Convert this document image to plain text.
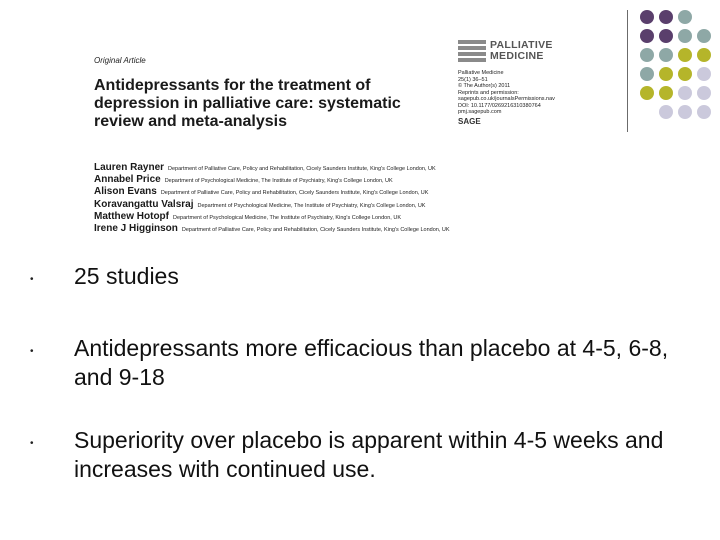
Original Article
Antidepressants for the treatment of depression in palliative care: systematic review and meta-analysis
PALLIATIVE
MEDICINE
Palliative Medicine
25(1) 36–51
© The Author(s) 2011
Reprints and permission:
sagepub.co.uk/journalsPermissions.nav
DOI: 10.1177/0269216310380764
pmj.sagepub.com
SAGE
Lauren Rayner Department of Palliative Care, Policy and Rehabilitation, Cicely Saunders Institute, King's College London, UK
Annabel Price Department of Psychological Medicine, The Institute of Psychiatry, King's College London, UK
Alison Evans Department of Palliative Care, Policy and Rehabilitation, Cicely Saunders Institute, King's College London, UK
Koravangattu Valsraj Department of Psychological Medicine, The Institute of Psychiatry, King's College London, UK
Matthew Hotopf Department of Psychological Medicine, The Institute of Psychiatry, King's College London, UK
Irene J Higginson Department of Palliative Care, Policy and Rehabilitation, Cicely Saunders Institute, King's College London, UK
•	25 studies
•	Antidepressants more efficacious than placebo at 4-5, 6-8, and 9-18
•	Superiority over placebo is apparent within 4-5 weeks and increases with continued use.
